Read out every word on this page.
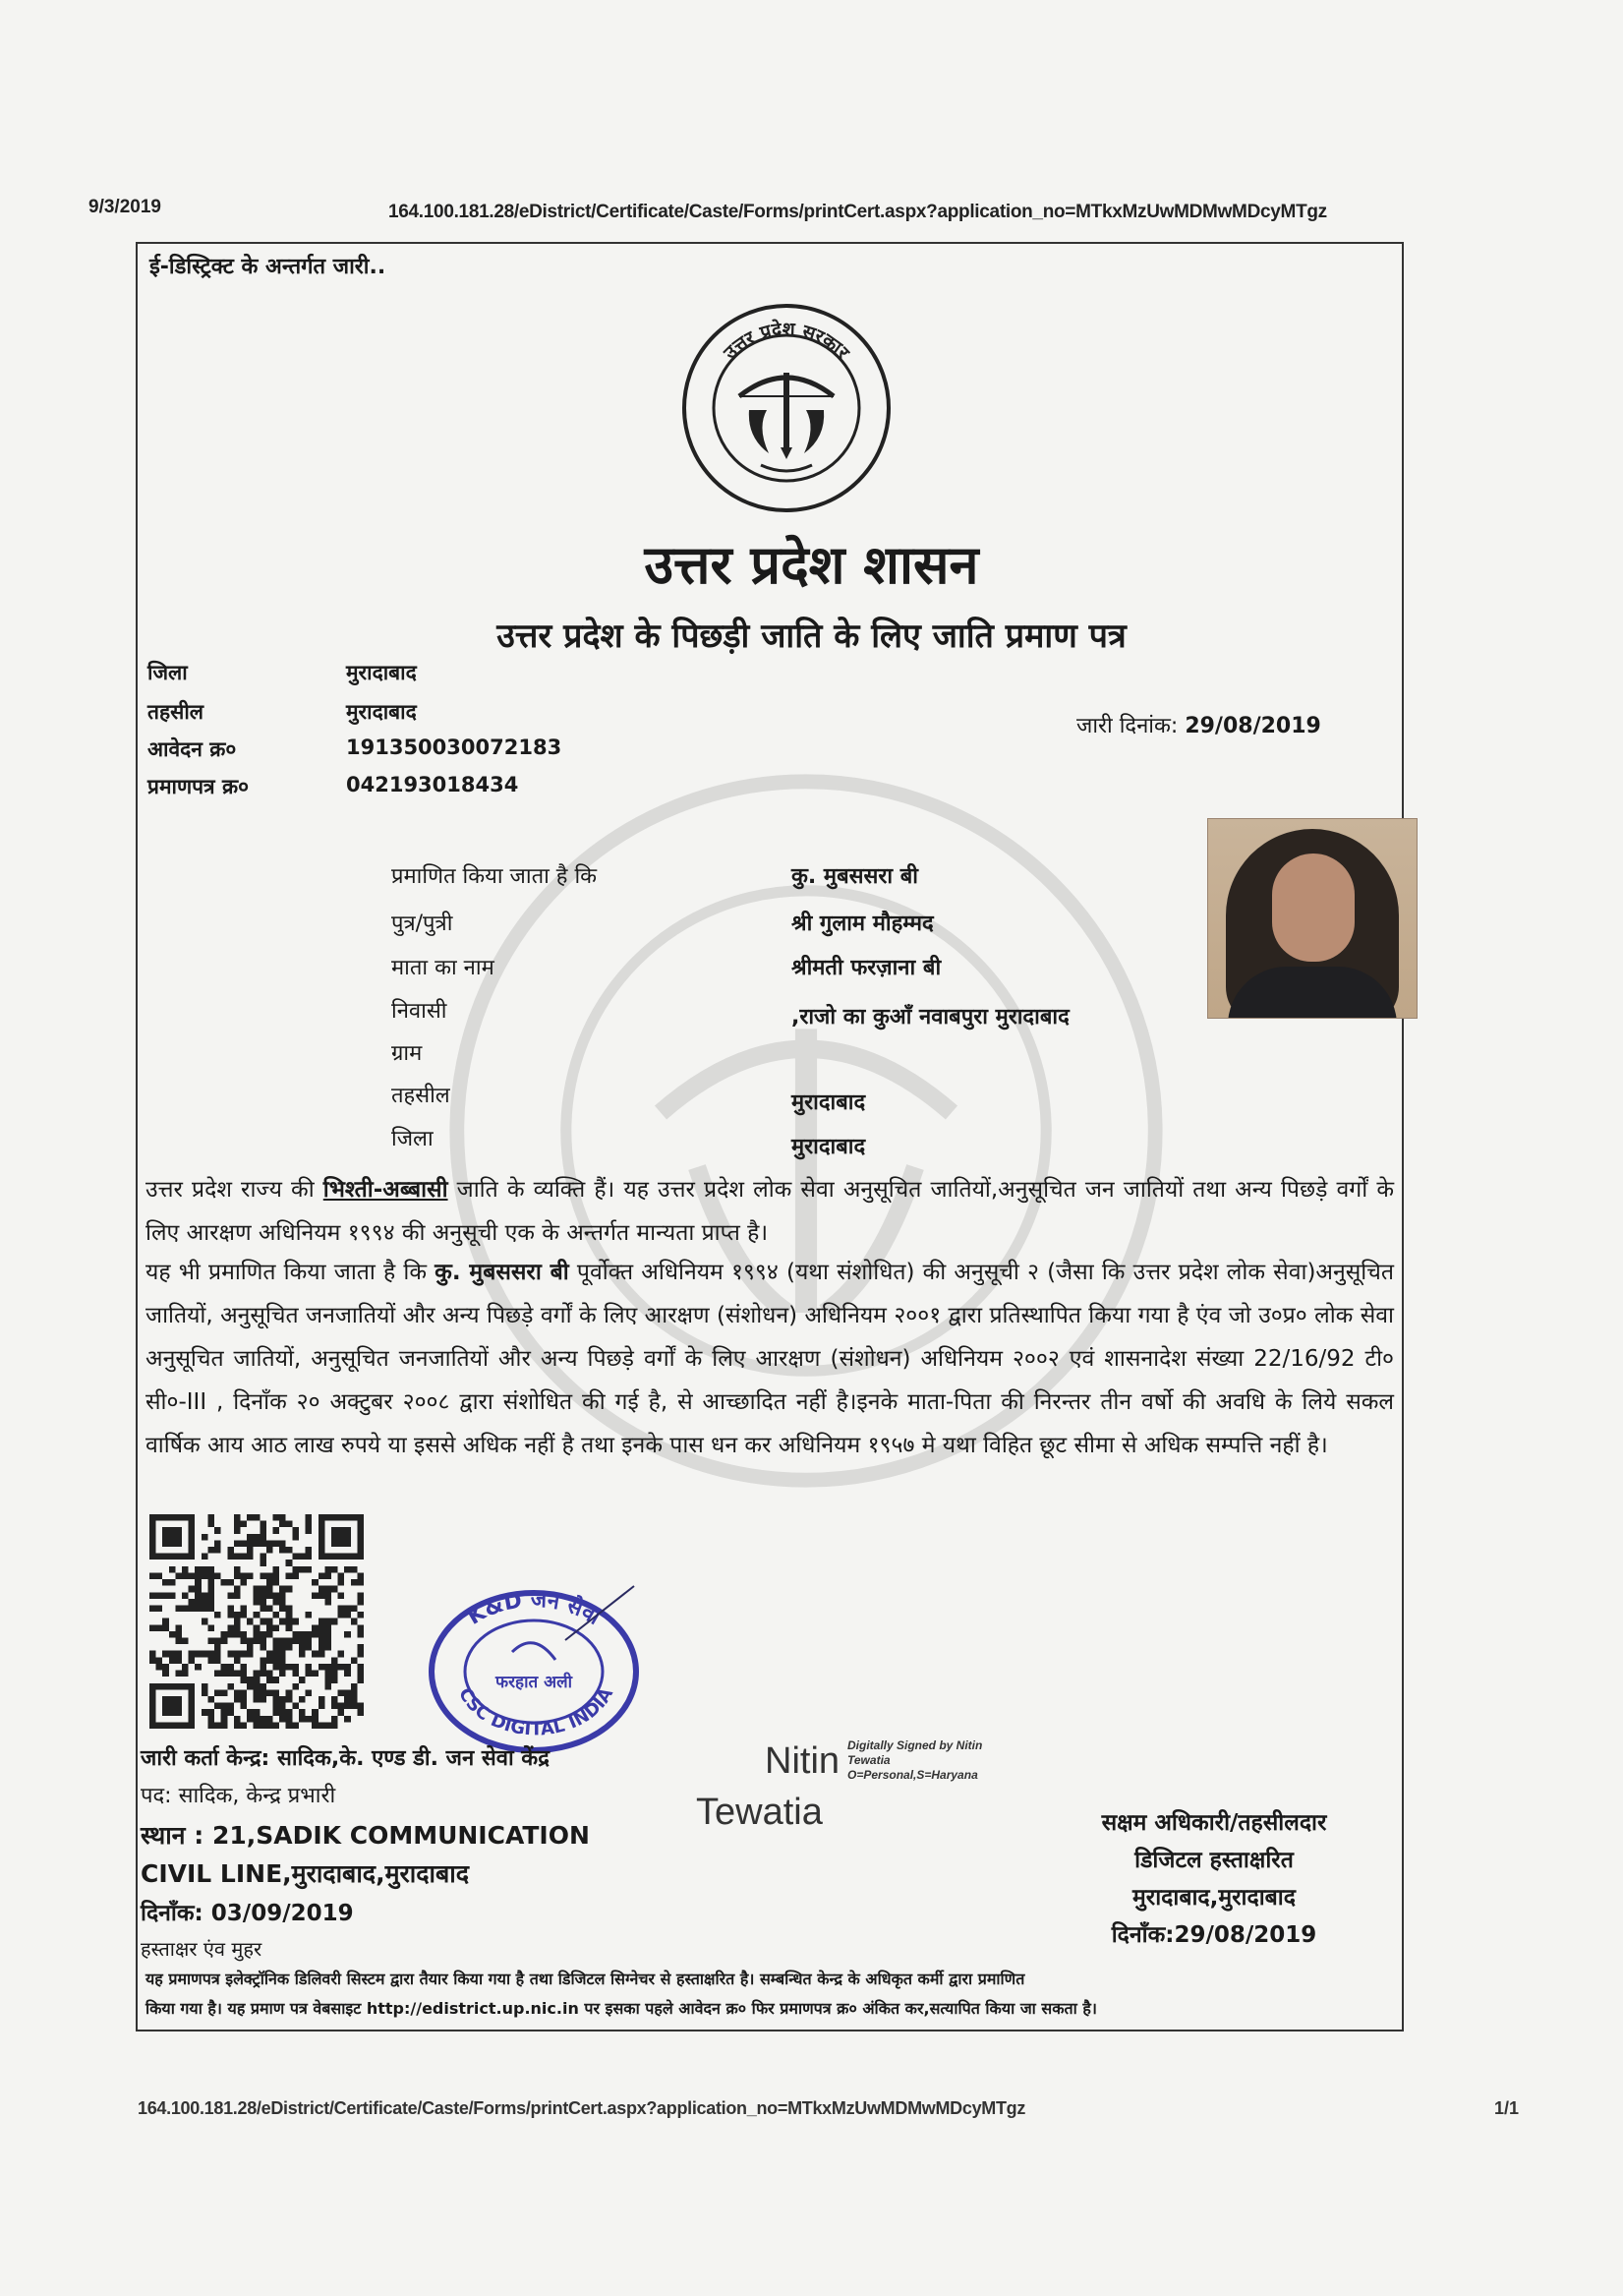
9/3/2019	164.100.181.28/eDistrict/Certificate/Caste/Forms/printCert.aspx?application_no=MTkxMzUwMDMwMDcyMTgz
164.100.181.28/eDistrict/Certificate/Caste/Forms/printCert.aspx?application_no=MTkxMzUwMDMwMDcyMTgz	1/1
ई-डिस्ट्रिक्ट के अन्तर्गत जारी..
उत्तर प्रदेश सरकार
उत्तर प्रदेश शासन
उत्तर प्रदेश के पिछड़ी जाति के लिए जाति प्रमाण पत्र
जिला	मुरादाबाद
तहसील	मुरादाबाद
आवेदन क्र०	191350030072183
प्रमाणपत्र क्र०	042193018434
जारी दिनांक: 29/08/2019
प्रमाणित किया जाता है कि	कु. मुबससरा बी
पुत्र/पुत्री	श्री गुलाम मौहम्मद
माता का नाम	श्रीमती फरज़ाना बी
निवासी	,राजो का कुआँ नवाबपुरा मुरादाबाद
ग्राम
तहसील	मुरादाबाद
जिला	मुरादाबाद
उत्तर प्रदेश राज्य की भिश्ती-अब्बासी जाति के व्यक्ति हैं। यह उत्तर प्रदेश लोक सेवा अनुसूचित जातियों,अनुसूचित जन जातियों तथा अन्य पिछड़े वर्गों के लिए आरक्षण अधिनियम १९९४ की अनुसूची एक के अन्तर्गत मान्यता प्राप्त है।
यह भी प्रमाणित किया जाता है कि कु. मुबससरा बी पूर्वोक्त अधिनियम १९९४ (यथा संशोधित) की अनुसूची २ (जैसा कि उत्तर प्रदेश लोक सेवा)अनुसूचित जातियों, अनुसूचित जनजातियों और अन्य पिछड़े वर्गों के लिए आरक्षण (संशोधन) अधिनियम २००१ द्वारा प्रतिस्थापित किया गया है एंव जो उ०प्र० लोक सेवा अनुसूचित जातियों, अनुसूचित जनजातियों और अन्य पिछड़े वर्गों के लिए आरक्षण (संशोधन) अधिनियम २००२ एवं शासनादेश संख्या 22/16/92 टी० सी०-III , दिनाँक २० अक्टुबर २००८ द्वारा संशोधित की गई है, से आच्छादित नहीं है।इनके माता-पिता की निरन्तर तीन वर्षो की अवधि के लिये सकल वार्षिक आय आठ लाख रुपये या इससे अधिक नहीं है तथा इनके पास धन कर अधिनियम १९५७ मे यथा विहित छूट सीमा से अधिक सम्पत्ति नहीं है।
K&D जन सेवा
CSC DIGITAL INDIA
फरहात अली
जारी कर्ता केन्द्र: सादिक,के. एण्ड डी. जन सेवा केंद्र
पद: सादिक, केन्द्र प्रभारी
स्थान : 21,SADIK COMMUNICATION
CIVIL LINE,मुरादाबाद,मुरादाबाद
दिनाँक: 03/09/2019
हस्ताक्षर एंव मुहर
Nitin
Tewatia
Digitally Signed by Nitin
Tewatia
O=Personal,S=Haryana
सक्षम अधिकारी/तहसीलदार
डिजिटल हस्ताक्षरित
मुरादाबाद,मुरादाबाद
दिनाँक:29/08/2019
यह प्रमाणपत्र इलेक्ट्रॉनिक डिलिवरी सिस्टम द्वारा तैयार किया गया है तथा डिजिटल सिग्नेचर से हस्ताक्षरित है। सम्बन्धित केन्द्र के अधिकृत कर्मी द्वारा प्रमाणित
किया गया है। यह प्रमाण पत्र वेबसाइट http://edistrict.up.nic.in पर इसका पहले आवेदन क्र० फिर प्रमाणपत्र क्र० अंकित कर,सत्यापित किया जा सकता है।
